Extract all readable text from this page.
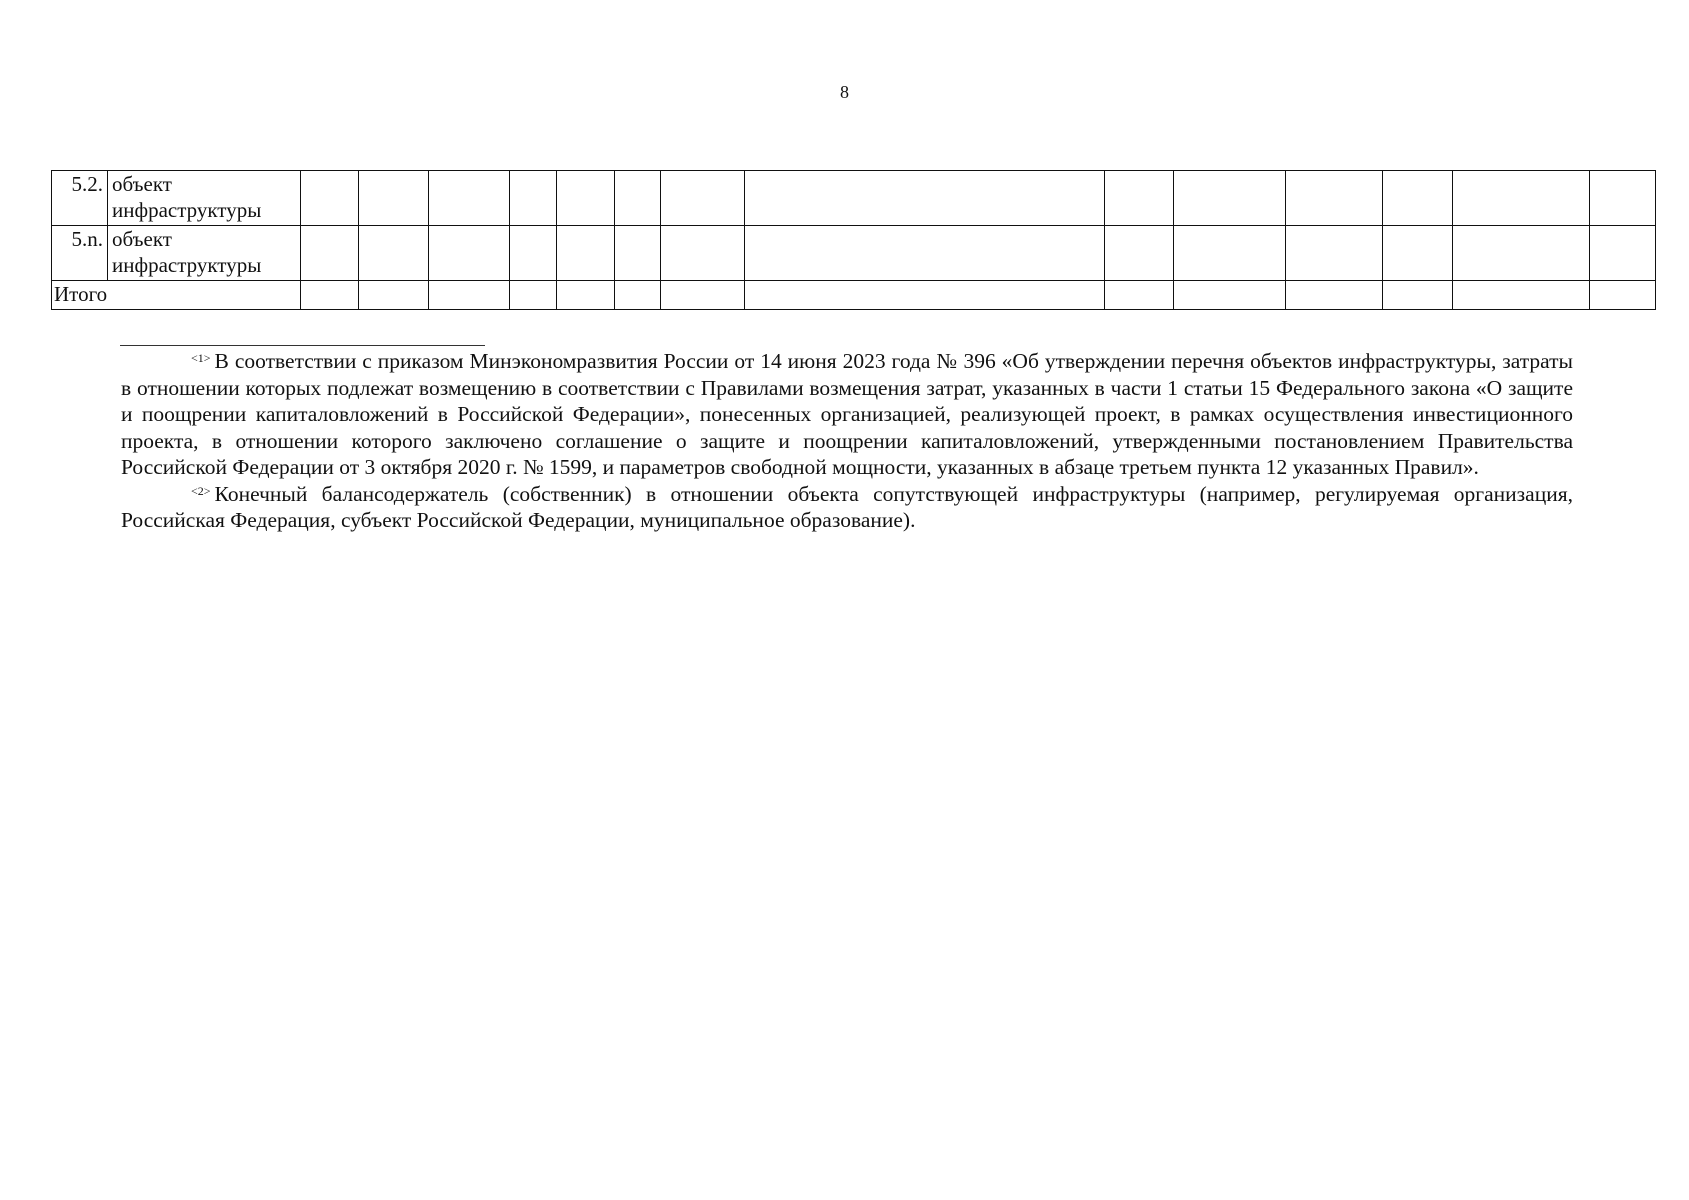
8
5.2.	объект инфраструктуры														
5.n.	объект инфраструктуры														
Итого															

$^{<1>}$ В соответствии с приказом Минэкономразвития России от 14 июня 2023 года № 396 «Об утверждении перечня объектов инфраструктуры, затраты в отношении которых подлежат возмещению в соответствии с Правилами возмещения затрат, указанных в части 1 статьи 15 Федерального закона «О защите и поощрении капиталовложений в Российской Федерации», понесенных организацией, реализующей проект, в рамках осуществления инвестиционного проекта, в отношении которого заключено соглашение о защите и поощрении капиталовложений, утвержденными постановлением Правительства Российской Федерации от 3 октября 2020 г. № 1599, и параметров свободной мощности, указанных в абзаце третьем пункта 12 указанных Правил».

$^{<2>}$ Конечный балансодержатель (собственник) в отношении объекта сопутствующей инфраструктуры (например, регулируемая организация, Российская Федерация, субъект Российской Федерации, муниципальное образование).
